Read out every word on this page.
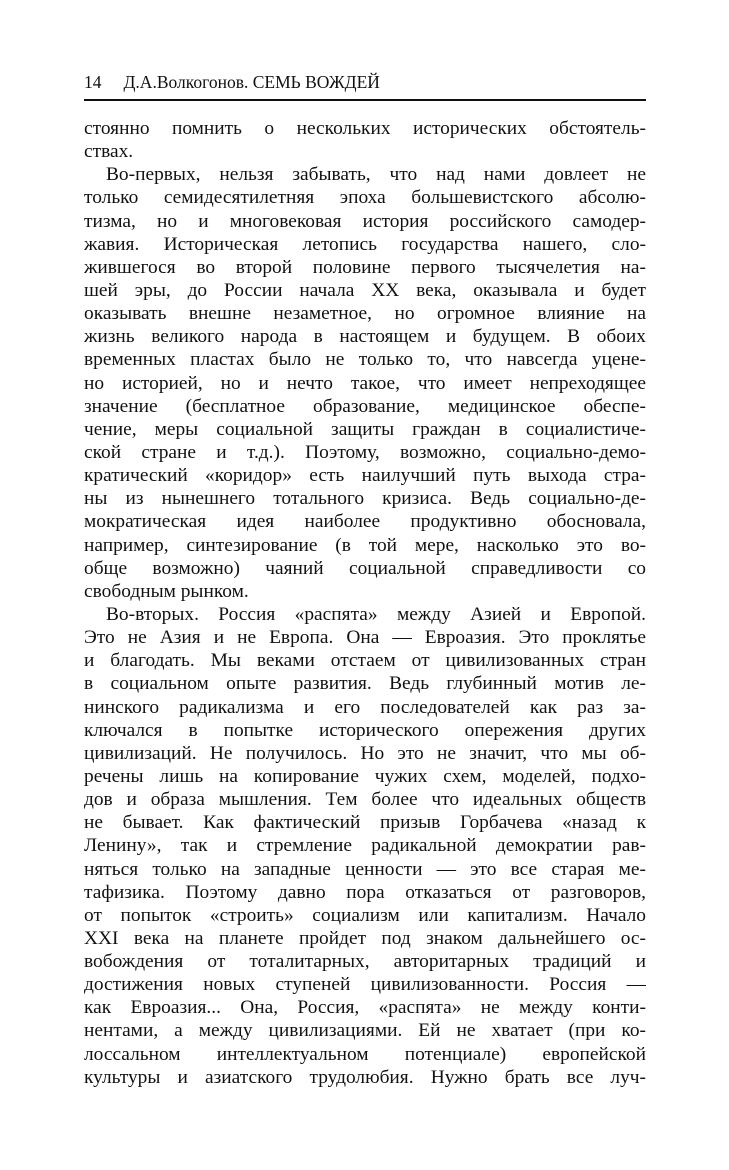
14 Д.А.Волкогонов. СЕМЬ ВОЖДЕЙ
стоянно помнить о нескольких исторических обстоятель-
ствах.
Во-первых, нельзя забывать, что над нами довлеет не
только семидесятилетняя эпоха большевистского абсолю-
тизма, но и многовековая история российского самодер-
жавия. Историческая летопись государства нашего, сло-
жившегося во второй половине первого тысячелетия на-
шей эры, до России начала XX века, оказывала и будет
оказывать внешне незаметное, но огромное влияние на
жизнь великого народа в настоящем и будущем. В обоих
временных пластах было не только то, что навсегда уцене-
но историей, но и нечто такое, что имеет непреходящее
значение (бесплатное образование, медицинское обеспе-
чение, меры социальной защиты граждан в социалистиче-
ской стране и т.д.). Поэтому, возможно, социально-демо-
кратический «коридор» есть наилучший путь выхода стра-
ны из нынешнего тотального кризиса. Ведь социально-де-
мократическая идея наиболее продуктивно обосновала,
например, синтезирование (в той мере, насколько это во-
обще возможно) чаяний социальной справедливости со
свободным рынком.
Во-вторых. Россия «распята» между Азией и Европой.
Это не Азия и не Европа. Она — Евроазия. Это проклятье
и благодать. Мы веками отстаем от цивилизованных стран
в социальном опыте развития. Ведь глубинный мотив ле-
нинского радикализма и его последователей как раз за-
ключался в попытке исторического опережения других
цивилизаций. Не получилось. Но это не значит, что мы об-
речены лишь на копирование чужих схем, моделей, подхо-
дов и образа мышления. Тем более что идеальных обществ
не бывает. Как фактический призыв Горбачева «назад к
Ленину», так и стремление радикальной демократии рав-
няться только на западные ценности — это все старая ме-
тафизика. Поэтому давно пора отказаться от разговоров,
от попыток «строить» социализм или капитализм. Начало
XXI века на планете пройдет под знаком дальнейшего ос-
вобождения от тоталитарных, авторитарных традиций и
достижения новых ступеней цивилизованности. Россия —
как Евроазия... Она, Россия, «распята» не между конти-
нентами, а между цивилизациями. Ей не хватает (при ко-
лоссальном интеллектуальном потенциале) европейской
культуры и азиатского трудолюбия. Нужно брать все луч-
